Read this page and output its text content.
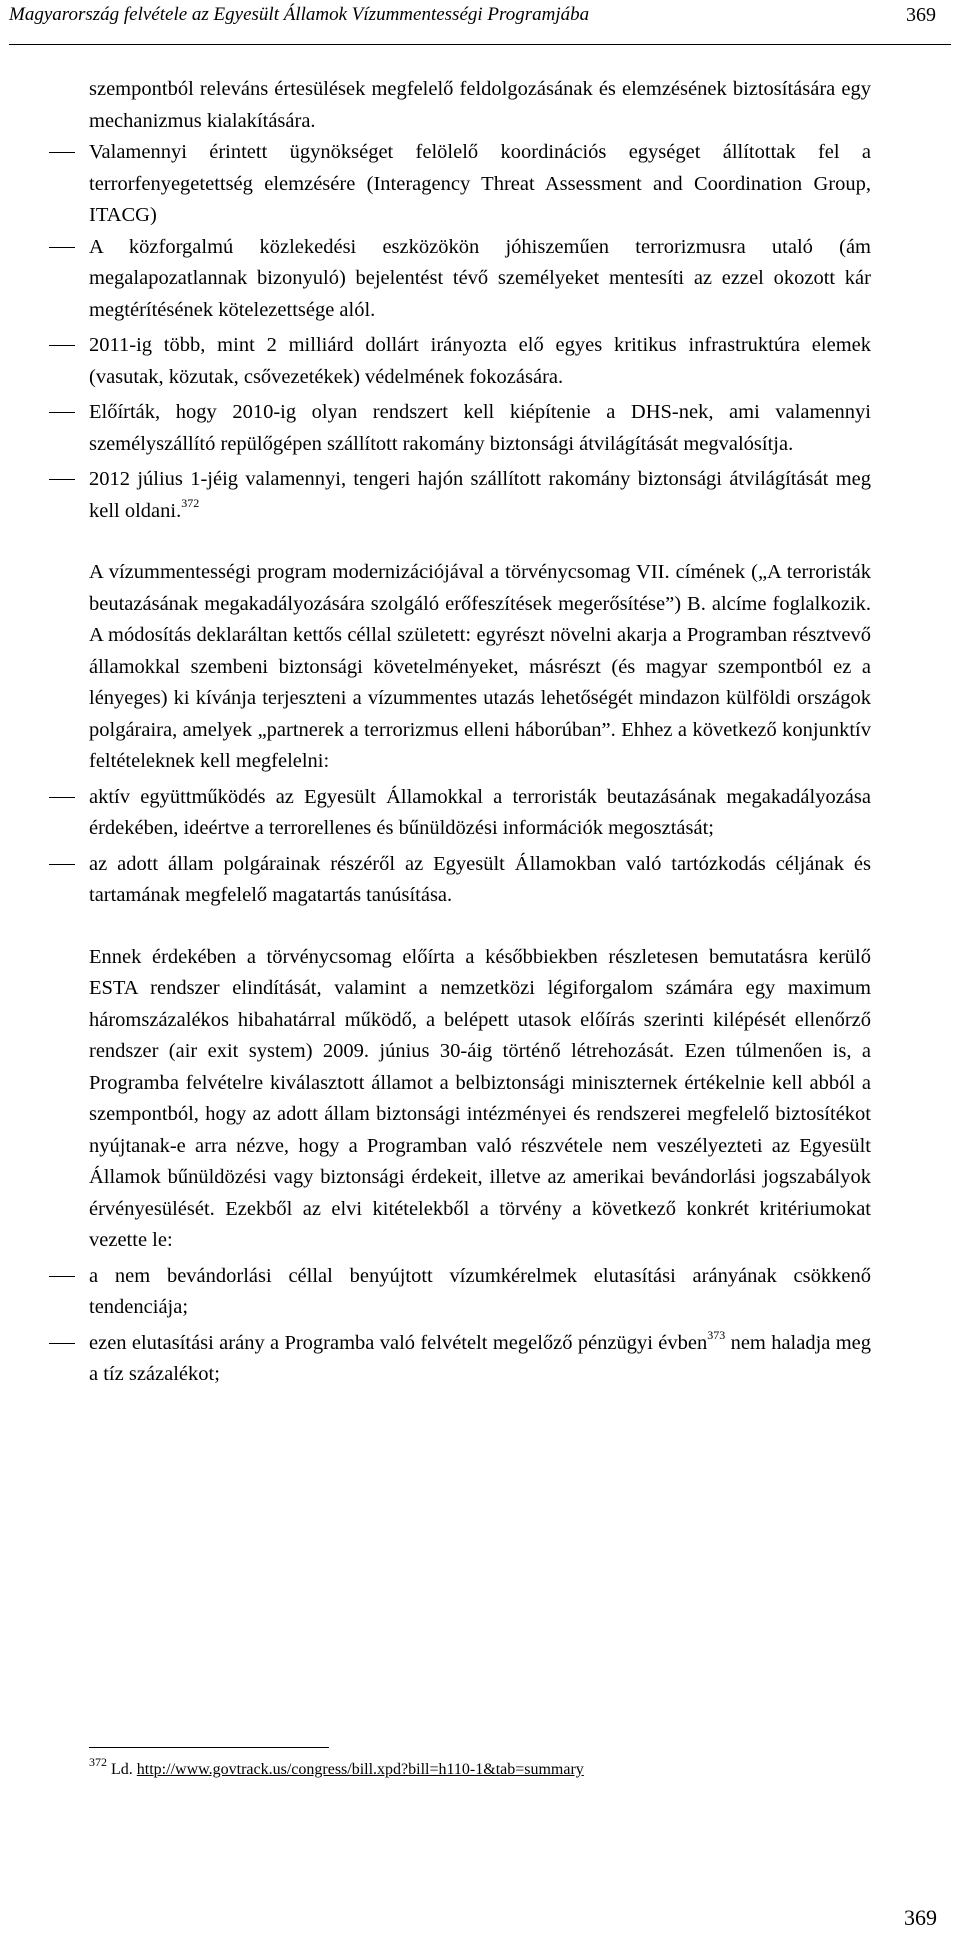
Magyarország felvétele az Egyesült Államok Vízummentességi Programjába	369

szempontból releváns értesülések megfelelő feldolgozásának és elemzésének biztosítására egy mechanizmus kialakítására.

Valamennyi érintett ügynökséget felölelő koordinációs egységet állítottak fel a terrorfenyegetettség elemzésére (Interagency Threat Assessment and Coordination Group, ITACG)

A közforgalmú közlekedési eszközökön jóhiszeműen terrorizmusra utaló (ám megalapozatlannak bizonyuló) bejelentést tévő személyeket mentesíti az ezzel okozott kár megtérítésének kötelezettsége alól.

2011-ig több, mint 2 milliárd dollárt irányozta elő egyes kritikus infrastruktúra elemek (vasutak, közutak, csővezetékek) védelmének fokozására.

Előírták, hogy 2010-ig olyan rendszert kell kiépítenie a DHS-nek, ami valamennyi személyszállító repülőgépen szállított rakomány biztonsági átvilágítását megvalósítja.

2012 július 1-jéig valamennyi, tengeri hajón szállított rakomány biztonsági átvilágítását meg kell oldani.$^{372}$

A vízummentességi program modernizációjával a törvénycsomag VII. címének („A terroristák beutazásának megakadályozására szolgáló erőfeszítések megerősítése”) B. alcíme foglalkozik. A módosítás deklaráltan kettős céllal született: egyrészt növelni akarja a Programban résztvevő államokkal szembeni biztonsági követelményeket, másrészt (és magyar szempontból ez a lényeges) ki kívánja terjeszteni a vízummentes utazás lehetőségét mindazon külföldi országok polgáraira, amelyek „partnerek a terrorizmus elleni háborúban”. Ehhez a következő konjunktív feltételeknek kell megfelelni:

aktív együttműködés az Egyesült Államokkal a terroristák beutazásának megakadályozása érdekében, ideértve a terrorellenes és bűnüldözési információk megosztását;

az adott állam polgárainak részéről az Egyesült Államokban való tartózkodás céljának és tartamának megfelelő magatartás tanúsítása.

Ennek érdekében a törvénycsomag előírta a későbbiekben részletesen bemutatásra kerülő ESTA rendszer elindítását, valamint a nemzetközi légiforgalom számára egy maximum háromszázalékos hibahatárral működő, a belépett utasok előírás szerinti kilépését ellenőrző rendszer (air exit system) 2009. június 30-áig történő létrehozását. Ezen túlmenően is, a Programba felvételre kiválasztott államot a belbiztonsági miniszternek értékelnie kell abból a szempontból, hogy az adott állam biztonsági intézményei és rendszerei megfelelő biztosítékot nyújtanak-e arra nézve, hogy a Programban való részvétele nem veszélyezteti az Egyesült Államok bűnüldözési vagy biztonsági érdekeit, illetve az amerikai bevándorlási jogszabályok érvényesülését. Ezekből az elvi kitételekből a törvény a következő konkrét kritériumokat vezette le:

a nem bevándorlási céllal benyújtott vízumkérelmek elutasítási arányának csökkenő tendenciája;

ezen elutasítási arány a Programba való felvételt megelőző pénzügyi évben$^{373}$ nem haladja meg a tíz százalékot;

$^{372}$ Ld. http://www.govtrack.us/congress/bill.xpd?bill=h110-1&tab=summary
369
